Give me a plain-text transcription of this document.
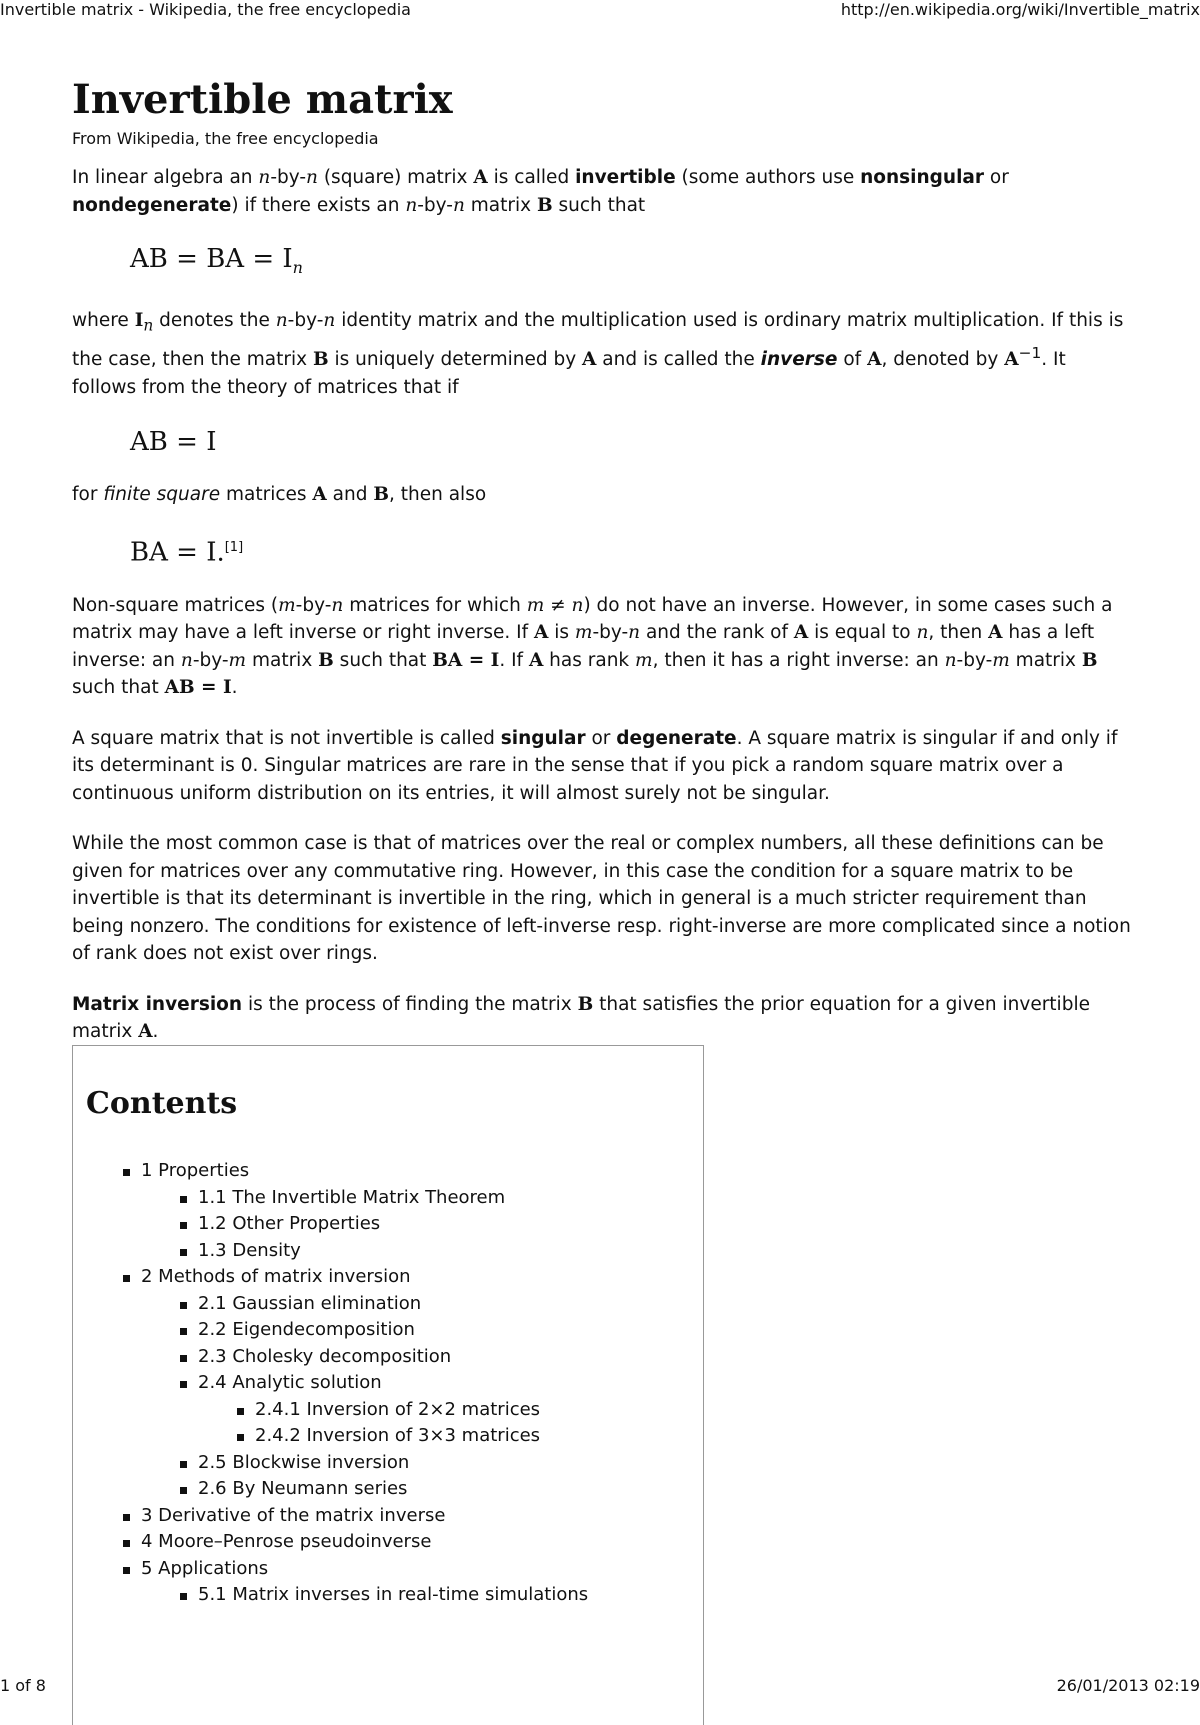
Invertible matrix - Wikipedia, the free encyclopedia	http://en.wikipedia.org/wiki/Invertible_matrix
Invertible matrix
From Wikipedia, the free encyclopedia

In linear algebra an n-by-n (square) matrix A is called invertible (some authors use nonsingular or nondegenerate) if there exists an n-by-n matrix B such that

AB = BA = $I_n$

where $I_n$ denotes the n-by-n identity matrix and the multiplication used is ordinary matrix multiplication. If this is the case, then the matrix B is uniquely determined by A and is called the inverse of A, denoted by $A^{-1}$. It follows from the theory of matrices that if

AB = I

for finite square matrices A and B, then also

BA = I.[1]

Non-square matrices (m-by-n matrices for which m ≠ n) do not have an inverse. However, in some cases such a matrix may have a left inverse or right inverse. If A is m-by-n and the rank of A is equal to n, then A has a left inverse: an n-by-m matrix B such that BA = I. If A has rank m, then it has a right inverse: an n-by-m matrix B such that AB = I.

A square matrix that is not invertible is called singular or degenerate. A square matrix is singular if and only if its determinant is 0. Singular matrices are rare in the sense that if you pick a random square matrix over a continuous uniform distribution on its entries, it will almost surely not be singular.

While the most common case is that of matrices over the real or complex numbers, all these definitions can be given for matrices over any commutative ring. However, in this case the condition for a square matrix to be invertible is that its determinant is invertible in the ring, which in general is a much stricter requirement than being nonzero. The conditions for existence of left-inverse resp. right-inverse are more complicated since a notion of rank does not exist over rings.

Matrix inversion is the process of finding the matrix B that satisfies the prior equation for a given invertible matrix A.

Contents
1 Properties
1.1 The Invertible Matrix Theorem
1.2 Other Properties
1.3 Density
2 Methods of matrix inversion
2.1 Gaussian elimination
2.2 Eigendecomposition
2.3 Cholesky decomposition
2.4 Analytic solution
2.4.1 Inversion of 2×2 matrices
2.4.2 Inversion of 3×3 matrices
2.5 Blockwise inversion
2.6 By Neumann series
3 Derivative of the matrix inverse
4 Moore–Penrose pseudoinverse
5 Applications
5.1 Matrix inverses in real-time simulations
1 of 8	26/01/2013 02:19
